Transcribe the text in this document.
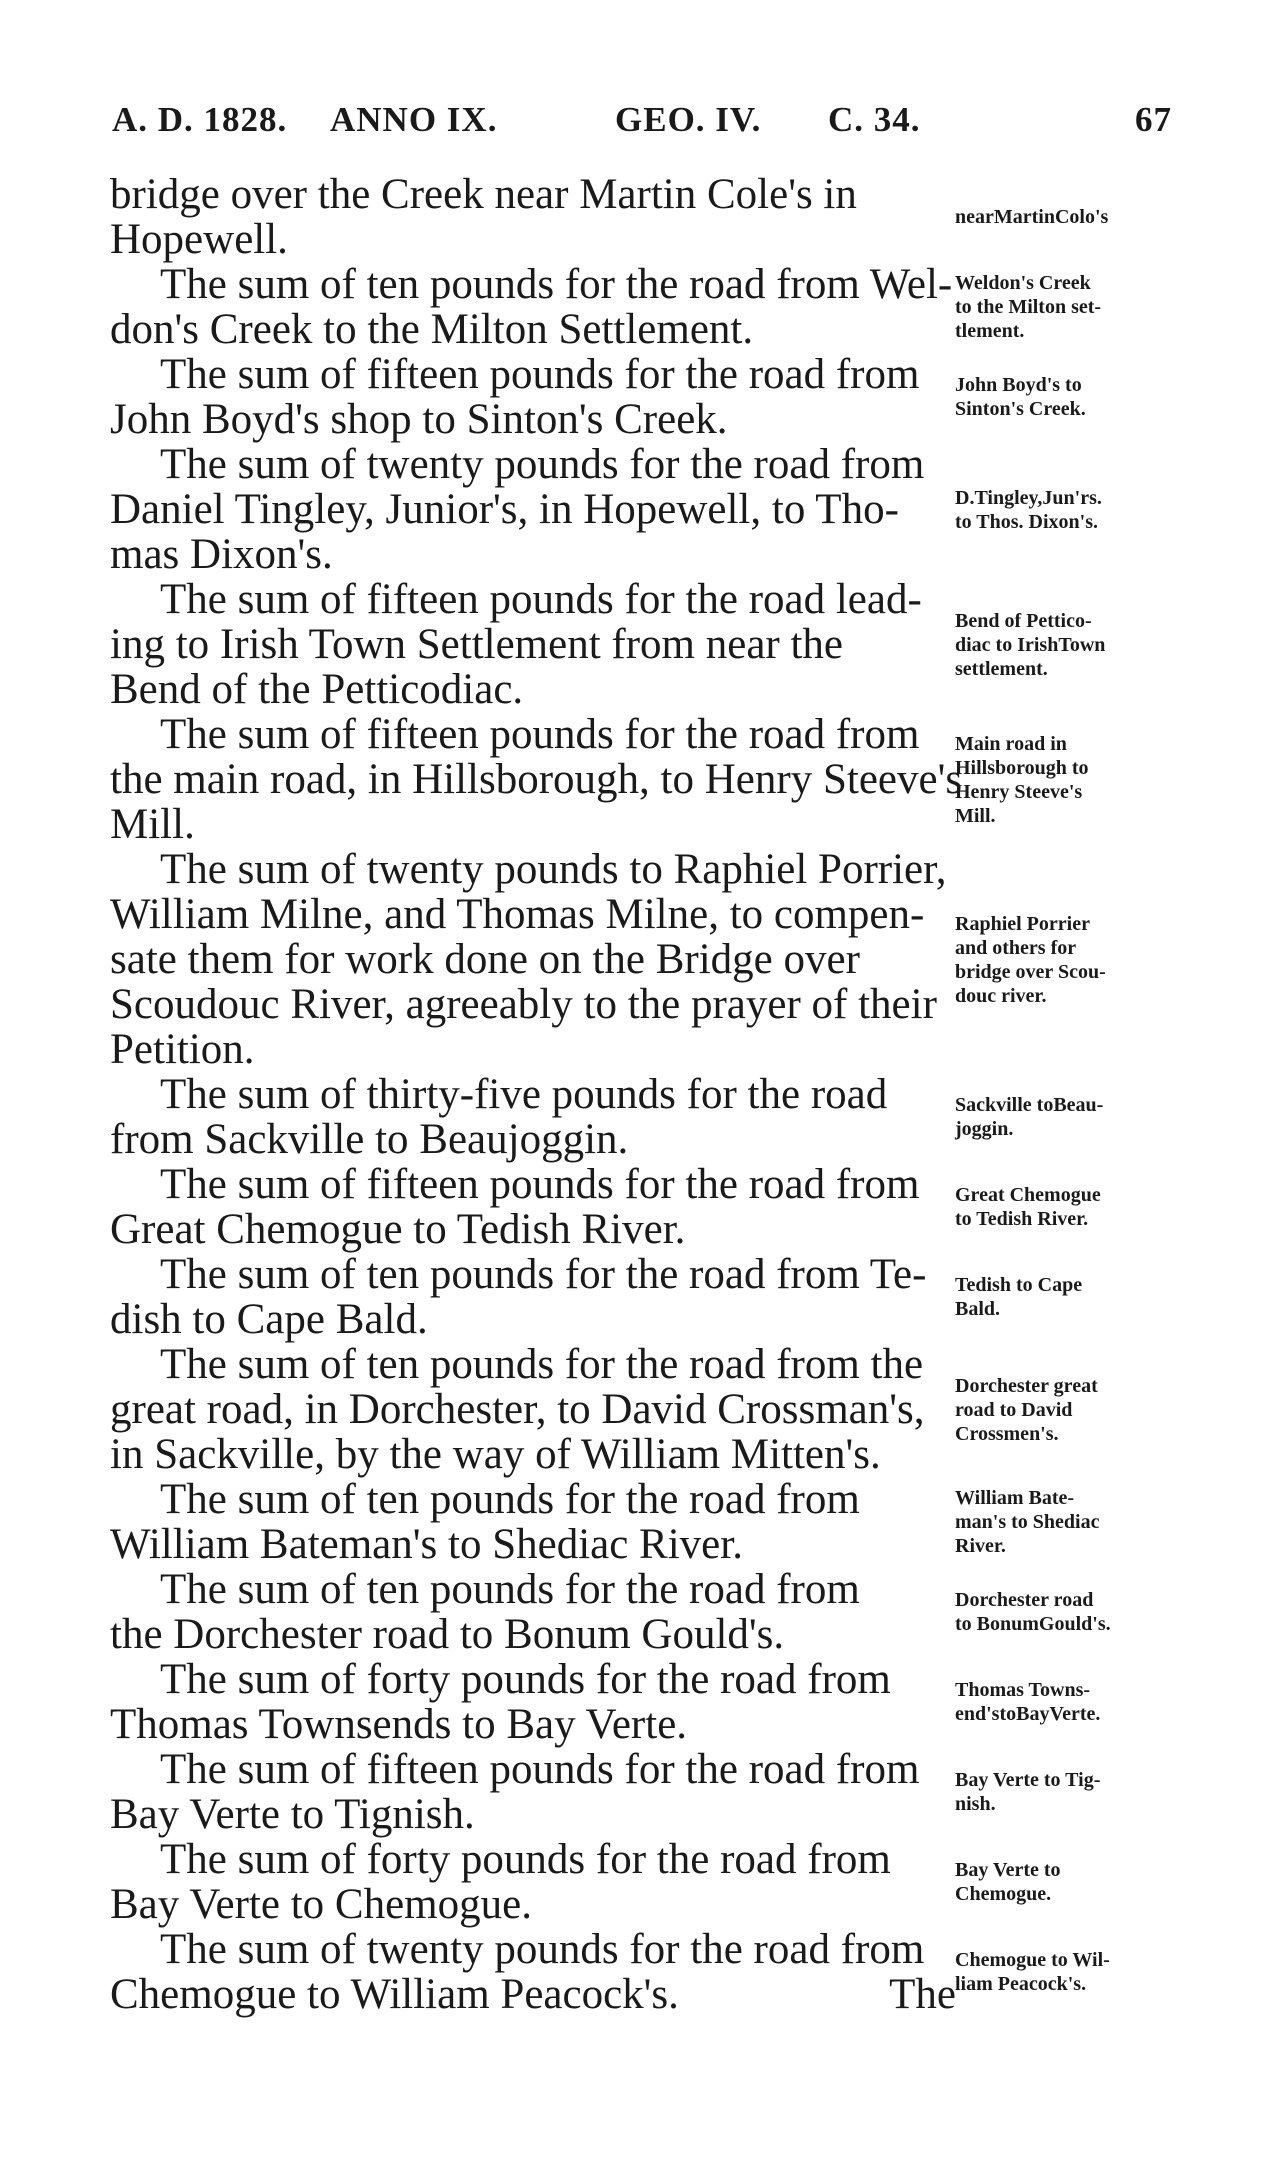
A. D. 1828. ANNO IX.	GEO. IV. C. 34.	67
bridge over the Creek near Martin Cole's in
Hopewell.
The sum of ten pounds for the road from Wel-
don's Creek to the Milton Settlement.
The sum of fifteen pounds for the road from
John Boyd's shop to Sinton's Creek.
The sum of twenty pounds for the road from
Daniel Tingley, Junior's, in Hopewell, to Tho-
mas Dixon's.
The sum of fifteen pounds for the road lead-
ing to Irish Town Settlement from near the
Bend of the Petticodiac.
The sum of fifteen pounds for the road from
the main road, in Hillsborough, to Henry Steeve's
Mill.
The sum of twenty pounds to Raphiel Porrier,
William Milne, and Thomas Milne, to compen-
sate them for work done on the Bridge over
Scoudouc River, agreeably to the prayer of their
Petition.
The sum of thirty-five pounds for the road
from Sackville to Beaujoggin.
The sum of fifteen pounds for the road from
Great Chemogue to Tedish River.
The sum of ten pounds for the road from Te-
dish to Cape Bald.
The sum of ten pounds for the road from the
great road, in Dorchester, to David Crossman's,
in Sackville, by the way of William Mitten's.
The sum of ten pounds for the road from
William Bateman's to Shediac River.
The sum of ten pounds for the road from
the Dorchester road to Bonum Gould's.
The sum of forty pounds for the road from
Thomas Townsends to Bay Verte.
The sum of fifteen pounds for the road from
Bay Verte to Tignish.
The sum of forty pounds for the road from
Bay Verte to Chemogue.
The sum of twenty pounds for the road from
Chemogue to William Peacock's.	The
nearMartinColo's
Weldon's Creek
to the Milton set-
tlement.
John Boyd's to
Sinton's Creek.
D.Tingley,Jun'rs.
to Thos. Dixon's.
Bend of Pettico-
diac to IrishTown
settlement.
Main road in
Hillsborough to
Henry Steeve's
Mill.
Raphiel Porrier
and others for
bridge over Scou-
douc river.
Sackville toBeau-
joggin.
Great Chemogue
to Tedish River.
Tedish to Cape
Bald.
Dorchester great
road to David
Crossmen's.
William Bate-
man's to Shediac
River.
Dorchester road
to BonumGould's.
Thomas Towns-
end'stoBayVerte.
Bay Verte to Tig-
nish.
Bay Verte to
Chemogue.
Chemogue to Wil-
liam Peacock's.
